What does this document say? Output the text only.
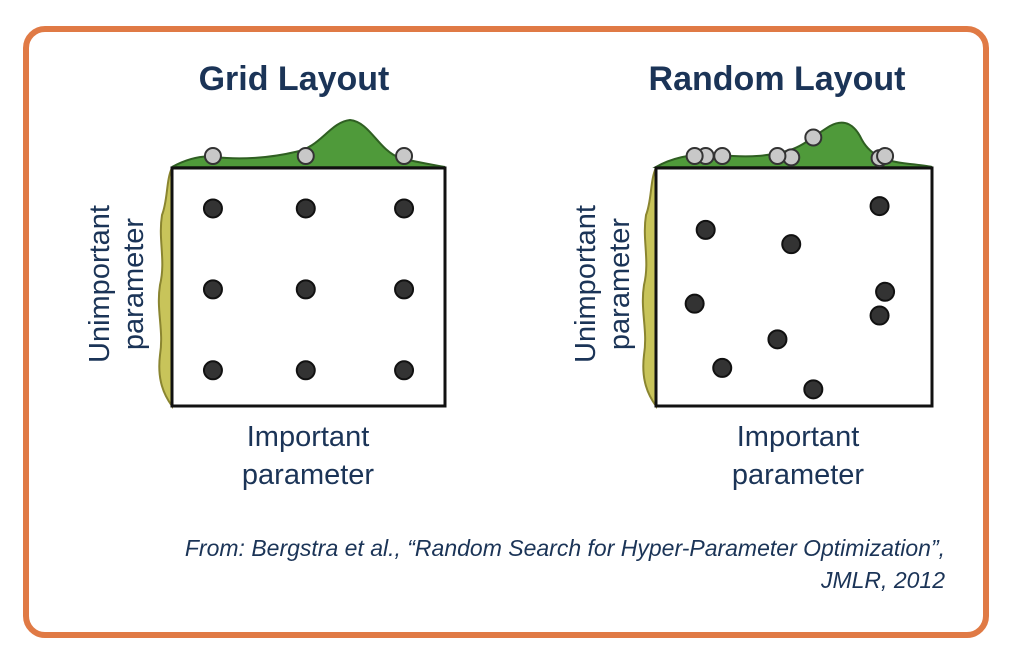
Grid Layout	Random Layout
Important
parameter
Important
parameter
Unimportant
parameter	Unimportant
parameter
From: Bergstra et al., “Random Search for Hyper-Parameter Optimization”,
JMLR, 2012
